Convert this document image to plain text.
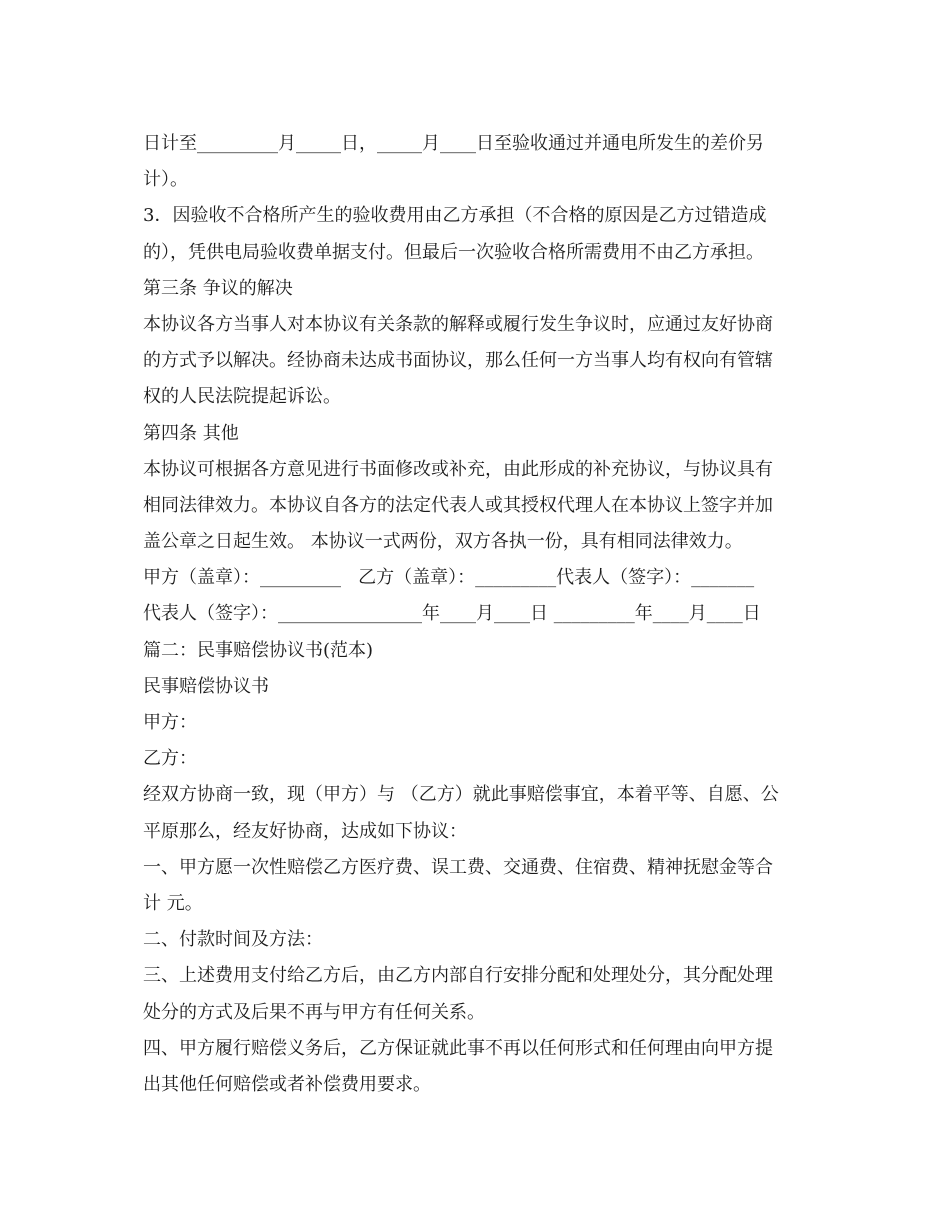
日计至_________月_____日，_____月____日至验收通过并通电所发生的差价另
计）。
3．因验收不合格所产生的验收费用由乙方承担（不合格的原因是乙方过错造成
的），凭供电局验收费单据支付。但最后一次验收合格所需费用不由乙方承担。
第三条 争议的解决
本协议各方当事人对本协议有关条款的解释或履行发生争议时，应通过友好协商
的方式予以解决。经协商未达成书面协议，那么任何一方当事人均有权向有管辖
权的人民法院提起诉讼。
第四条 其他
本协议可根据各方意见进行书面修改或补充，由此形成的补充协议，与协议具有
相同法律效力。本协议自各方的法定代表人或其授权代理人在本协议上签字并加
盖公章之日起生效。 本协议一式两份，双方各执一份，具有相同法律效力。
甲方（盖章）：_________   乙方（盖章）：_________代表人（签字）：_______
代表人（签字）：________________年____月____日 _________年____月____日
篇二：民事赔偿协议书(范本)
民事赔偿协议书
甲方：
乙方：
经双方协商一致，现（甲方）与 （乙方）就此事赔偿事宜，本着平等、自愿、公
平原那么，经友好协商，达成如下协议：
一、甲方愿一次性赔偿乙方医疗费、误工费、交通费、住宿费、精神抚慰金等合
计 元。
二、付款时间及方法：
三、上述费用支付给乙方后，由乙方内部自行安排分配和处理处分，其分配处理
处分的方式及后果不再与甲方有任何关系。
四、甲方履行赔偿义务后，乙方保证就此事不再以任何形式和任何理由向甲方提
出其他任何赔偿或者补偿费用要求。
